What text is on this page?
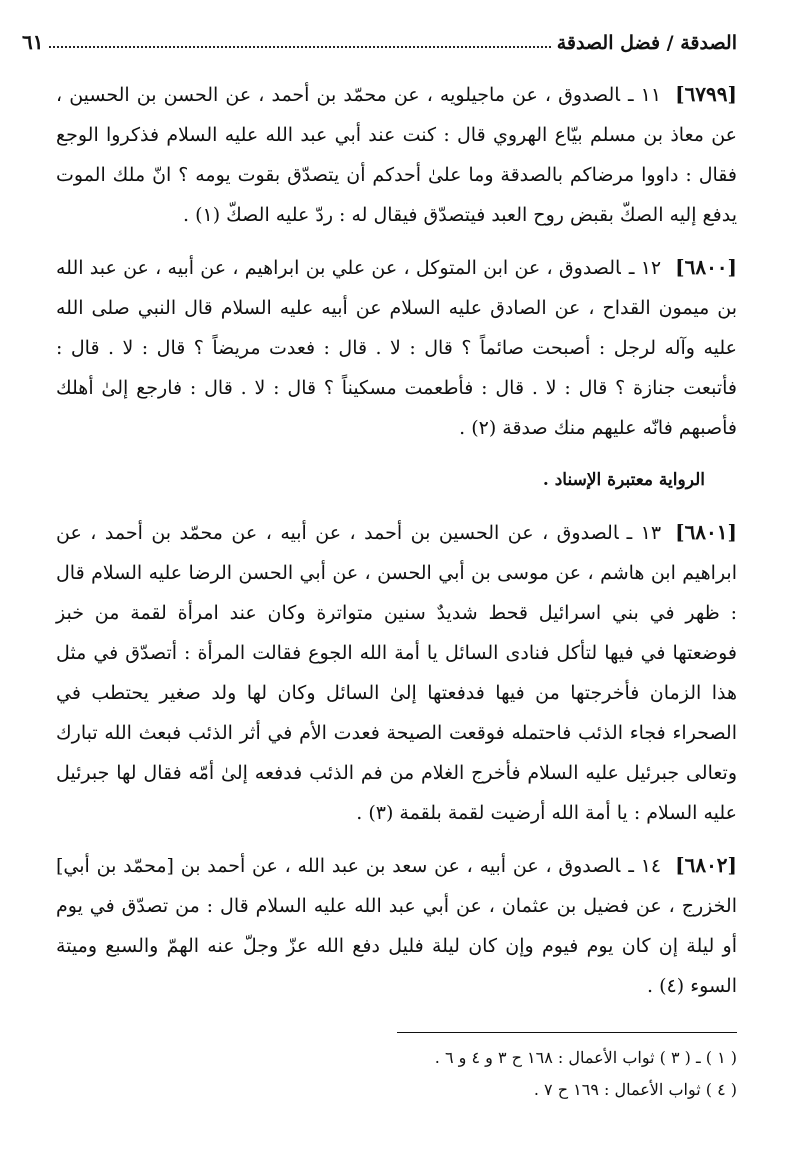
الصدقة / فضل الصدقة
٦١

[٦٧٩٩]١١ ـالصدوق ، عن ماجيلويه ، عن محمّد بن أحمد ، عن الحسن بن الحسين ، عن معاذ بن مسلم بيّاع الهروي قال : كنت عند أبي عبد الله عليه السلام فذكروا الوجع فقال : داووا مرضاكم بالصدقة وما علىٰ أحدكم أن يتصدّق بقوت يومه ؟ انّ ملك الموت يدفع إليه الصكّ بقبض روح العبد فيتصدّق فيقال له : ردّ عليه الصكّ (١) .

[٦٨٠٠]١٢ ـالصدوق ، عن ابن المتوكل ، عن علي بن ابراهيم ، عن أبيه ، عن عبد الله بن ميمون القداح ، عن الصادق عليه السلام عن أبيه عليه السلام قال النبي صلى الله عليه وآله لرجل : أصبحت صائماً ؟ قال : لا . قال : فعدت مريضاً ؟ قال : لا . قال : فأتبعت جنازة ؟ قال : لا . قال : فأطعمت مسكيناً ؟ قال : لا . قال : فارجع إلىٰ أهلك فأصبهم فانّه عليهم منك صدقة (٢) .

الرواية معتبرة الإسناد .

[٦٨٠١]١٣ ـالصدوق ، عن الحسين بن أحمد ، عن أبيه ، عن محمّد بن أحمد ، عن ابراهيم ابن هاشم ، عن موسى بن أبي الحسن ، عن أبي الحسن الرضا عليه السلام قال : ظهر في بني اسرائيل قحط شديدٌ سنين متواترة وكان عند امرأة لقمة من خبز فوضعتها في فيها لتأكل فنادى السائل يا أمة الله الجوع فقالت المرأة : أتصدّق في مثل هذا الزمان فأخرجتها من فيها فدفعتها إلىٰ السائل وكان لها ولد صغير يحتطب في الصحراء فجاء الذئب فاحتمله فوقعت الصيحة فعدت الأم في أثر الذئب فبعث الله تبارك وتعالى جبرئيل عليه السلام فأخرج الغلام من فم الذئب فدفعه إلىٰ أمّه فقال لها جبرئيل عليه السلام : يا أمة الله أرضيت لقمة بلقمة (٣) .

[٦٨٠٢]١٤ ـالصدوق ، عن أبيه ، عن سعد بن عبد الله ، عن أحمد بن [محمّد بن أبي] الخزرج ، عن فضيل بن عثمان ، عن أبي عبد الله عليه السلام قال : من تصدّق في يوم أو ليلة إن كان يوم فيوم وإن كان ليلة فليل دفع الله عزّ وجلّ عنه الهمّ والسبع وميتة السوء (٤) .

( ١ ) ـ ( ٣ ) ثواب الأعمال : ١٦٨ ح ٣ و ٤ و ٦ .

( ٤ ) ثواب الأعمال : ١٦٩ ح ٧ .
